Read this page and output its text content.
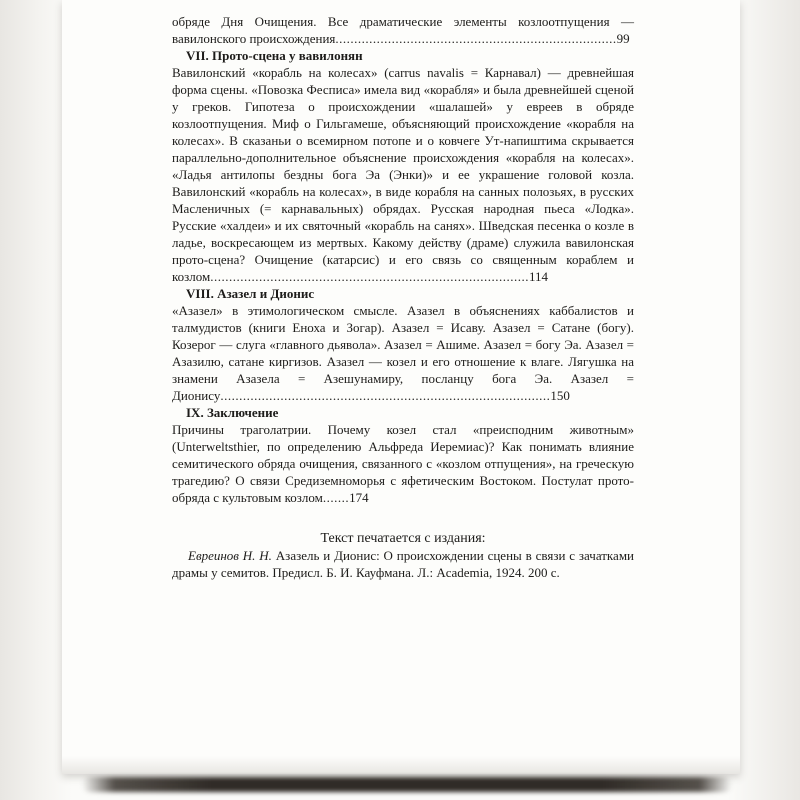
обряде Дня Очищения. Все драматические элементы козлоотпущения — вавилонского происхождения...........................................................................99

VII. Прото-сцена у вавилонян

Вавилонский «корабль на колесах» (carrus navalis = Карнавал) — древнейшая форма сцены. «Повозка Фесписа» имела вид «корабля» и была древнейшей сценой у греков. Гипотеза о происхождении «шалашей» у евреев в обряде козлоотпущения. Миф о Гильгамеше, объясняющий происхождение «корабля на колесах». В сказаньи о всемирном потопе и о ковчеге Ут-напиштима скрывается параллельно-дополнительное объяснение происхождения «корабля на колесах». «Ладья антилопы бездны бога Эа (Энки)» и ее украшение головой козла. Вавилонский «корабль на колесах», в виде корабля на санных полозьях, в русских Масленичных (= карнавальных) обрядах. Русская народная пьеса «Лодка». Русские «халдеи» и их святочный «корабль на санях». Шведская песенка о козле в ладье, воскресающем из мертвых. Какому действу (драме) служила вавилонская прото-сцена? Очищение (катарсис) и его связь со священным кораблем и козлом.....................................................................................114

VIII. Азазел и Дионис

«Азазел» в этимологическом смысле. Азазел в объяснениях каббалистов и талмудистов (книги Еноха и Зогар). Азазел = Исаву. Азазел = Сатане (богу). Козерог — слуга «главного дьявола». Азазел = Ашиме. Азазел = богу Эа. Азазел = Азазилю, сатане киргизов. Азазел — козел и его отношение к влаге. Лягушка на знамени Азазела = Азешунамиру, посланцу бога Эа. Азазел = Дионису........................................................................................150

IX. Заключение

Причины траголатрии. Почему козел стал «преисподним животным» (Unterweltsthier, по определению Альфреда Иеремиас)? Как понимать влияние семитического обряда очищения, связанного с «козлом отпущения», на греческую трагедию? О связи Средиземноморья с яфетическим Востоком. Постулат прото-обряда с культовым козлом.......174

Текст печатается с издания:

Евреинов Н. Н. Азазель и Дионис: О происхождении сцены в связи с зачатками драмы у семитов. Предисл. Б. И. Кауфмана. Л.: Academia, 1924. 200 с.
